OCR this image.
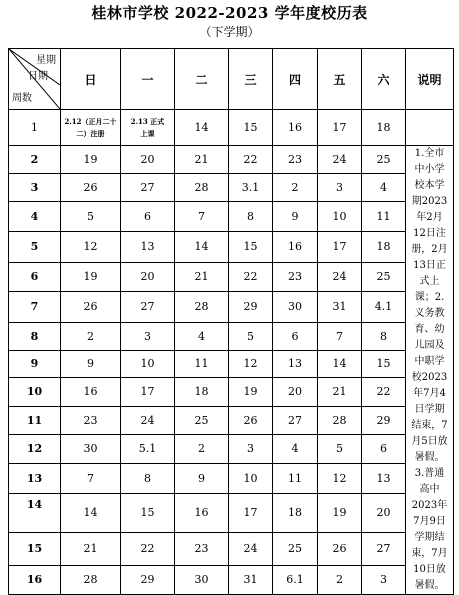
桂林市学校 2022-2023 学年度校历表
（下学期）
星期
日期
周数	日	一	二	三	四	五	六	说明
1	2.12（正月二十二）注册	2.13 正式上课	14	15	16	17	18	
2	19	20	21	22	23	24	25	1.全市中小学校本学期2023年2月12日注册，2月13日正式上课；2.义务教育、幼儿园及中职学校2023年7月4日学期结束，7月5日放暑假。3.普通高中2023年7月9日学期结束，7月10日放暑假。
3	26	27	28	3.1	2	3	4	
4	5	6	7	8	9	10	11	
5	12	13	14	15	16	17	18	
6	19	20	21	22	23	24	25	
7	26	27	28	29	30	31	4.1	
8	2	3	4	5	6	7	8	
9	9	10	11	12	13	14	15	
10	16	17	18	19	20	21	22	
11	23	24	25	26	27	28	29	
12	30	5.1	2	3	4	5	6	
13	7	8	9	10	11	12	13	
14	14	15	16	17	18	19	20	
15	21	22	23	24	25	26	27	
16	28	29	30	31	6.1	2	3	
